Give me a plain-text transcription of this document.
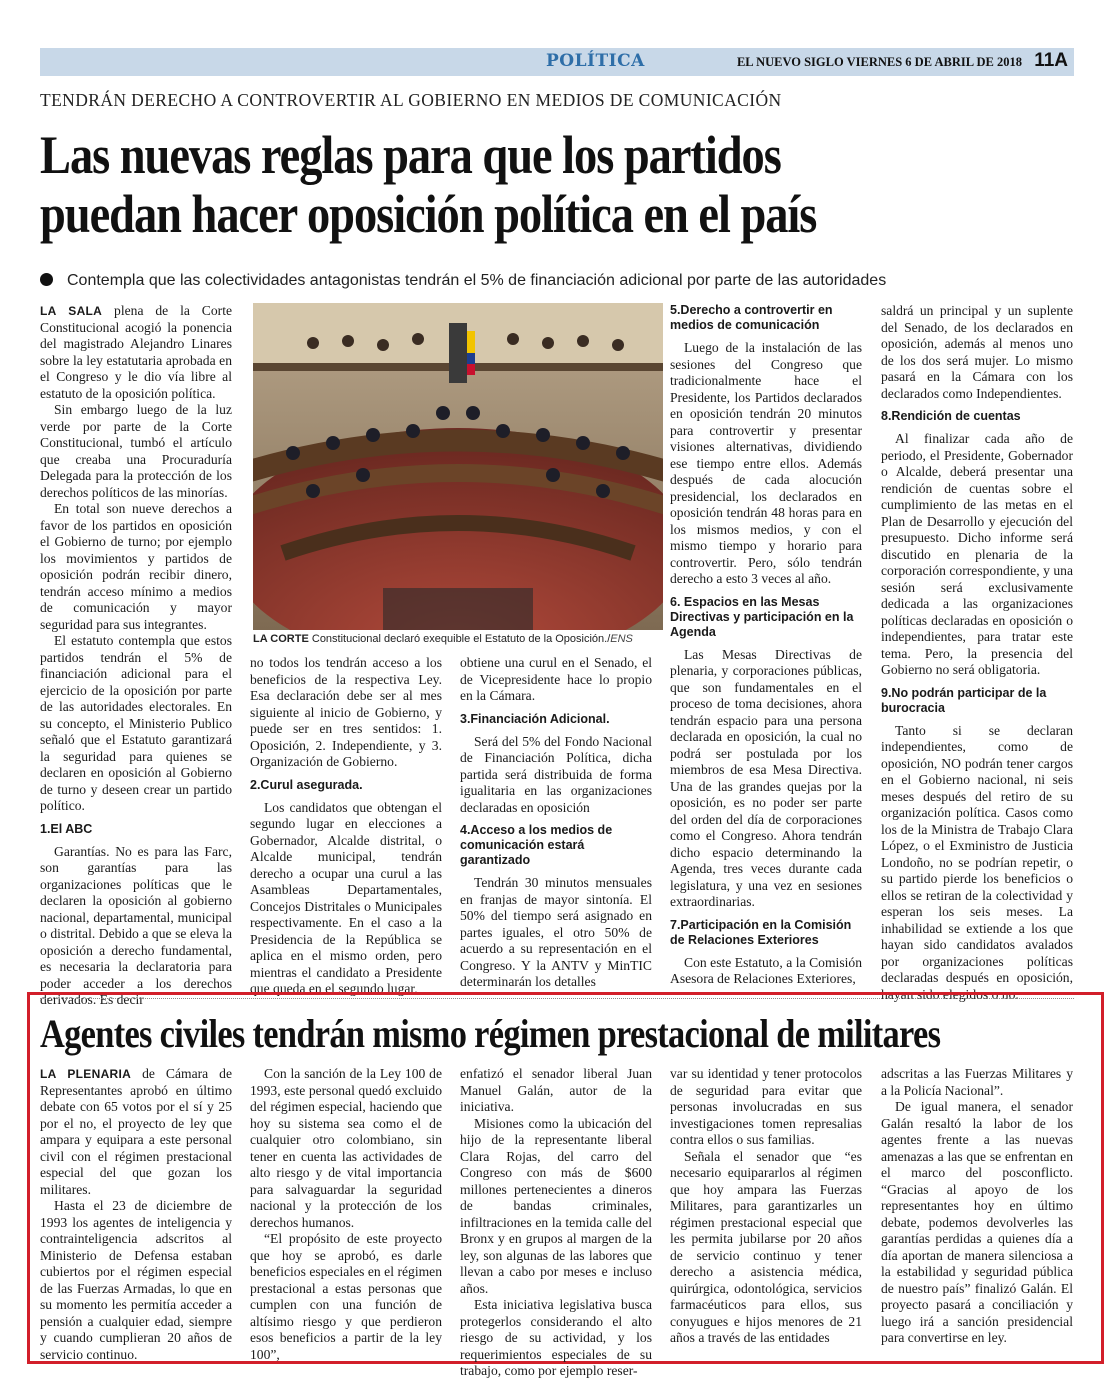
POLÍTICA	EL NUEVO SIGLO VIERNES 6 DE ABRIL DE 2018 11A
TENDRÁN DERECHO A CONTROVERTIR AL GOBIERNO EN MEDIOS DE COMUNICACIÓN
Las nuevas reglas para que los partidos
puedan hacer oposición política en el país
Contempla que las colectividades antagonistas tendrán el 5% de financiación adicional por parte de las autoridades

LA SALA plena de la Corte Constitucional acogió la ponencia del magistrado Alejandro Linares sobre la ley estatutaria aprobada en el Congreso y le dio vía libre al estatuto de la oposición política.

Sin embargo luego de la luz verde por parte de la Corte Constitucional, tumbó el artículo que creaba una Procuraduría Delegada para la protección de los derechos políticos de las minorías.

En total son nueve derechos a favor de los partidos en oposición el Gobierno de turno; por ejemplo los movimientos y partidos de oposición podrán recibir dinero, tendrán acceso mínimo a medios de comunicación y mayor seguridad para sus integrantes.

El estatuto contempla que estos partidos tendrán el 5% de financiación adicional para el ejercicio de la oposición por parte de las autoridades electorales. En su concepto, el Ministerio Publico señaló que el Estatuto garantizará la seguridad para quienes se declaren en oposición al Gobierno de turno y deseen crear un partido político.

1.El ABC

Garantías. No es para las Farc, son garantías para las organizaciones políticas que le declaren la oposición al gobierno nacional, departamental, municipal o distrital. Debido a que se eleva la oposición a derecho fundamental, es necesaria la declaratoria para poder acceder a los derechos derivados. Es decir

LA CORTE Constitucional declaró exequible el Estatuto de la Oposición./ENS

no todos los tendrán acceso a los beneficios de la respectiva Ley. Esa declaración debe ser al mes siguiente al inicio de Gobierno, y puede ser en tres sentidos: 1. Oposición, 2. Independiente, y 3. Organización de Gobierno.

2.Curul asegurada.

Los candidatos que obtengan el segundo lugar en elecciones a Gobernador, Alcalde distrital, o Alcalde municipal, tendrán derecho a ocupar una curul a las Asambleas Departamentales, Concejos Distritales o Municipales respectivamente. En el caso a la Presidencia de la República se aplica en el mismo orden, pero mientras el candidato a Presidente que queda en el segundo lugar,

obtiene una curul en el Senado, el de Vicepresidente hace lo propio en la Cámara.

3.Financiación Adicional.

Será del 5% del Fondo Nacional de Financiación Política, dicha partida será distribuida de forma igualitaria en las organizaciones declaradas en oposición

4.Acceso a los medios de comunicación estará garantizado

Tendrán 30 minutos mensuales en franjas de mayor sintonía. El 50% del tiempo será asignado en partes iguales, el otro 50% de acuerdo a su representación en el Congreso. Y la ANTV y MinTIC determinarán los detalles

5.Derecho a controvertir en medios de comunicación

Luego de la instalación de las sesiones del Congreso que tradicionalmente hace el Presidente, los Partidos declarados en oposición tendrán 20 minutos para controvertir y presentar visiones alternativas, dividiendo ese tiempo entre ellos. Además después de cada alocución presidencial, los declarados en oposición tendrán 48 horas para en los mismos medios, y con el mismo tiempo y horario para controvertir. Pero, sólo tendrán derecho a esto 3 veces al año.

6. Espacios en las Mesas Directivas y participación en la Agenda

Las Mesas Directivas de plenaria, y corporaciones públicas, que son fundamentales en el proceso de toma decisiones, ahora tendrán espacio para una persona declarada en oposición, la cual no podrá ser postulada por los miembros de esa Mesa Directiva. Una de las grandes quejas por la oposición, es no poder ser parte del orden del día de corporaciones como el Congreso. Ahora tendrán dicho espacio determinando la Agenda, tres veces durante cada legislatura, y una vez en sesiones extraordinarias.

7.Participación en la Comisión de Relaciones Exteriores

Con este Estatuto, a la Comisión Asesora de Relaciones Exteriores,

saldrá un principal y un suplente del Senado, de los declarados en oposición, además al menos uno de los dos será mujer. Lo mismo pasará en la Cámara con los declarados como Independientes.

8.Rendición de cuentas

Al finalizar cada año de periodo, el Presidente, Gobernador o Alcalde, deberá presentar una rendición de cuentas sobre el cumplimiento de las metas en el Plan de Desarrollo y ejecución del presupuesto. Dicho informe será discutido en plenaria de la corporación correspondiente, y una sesión será exclusivamente dedicada a las organizaciones políticas declaradas en oposición o independientes, para tratar este tema. Pero, la presencia del Gobierno no será obligatoria.

9.No podrán participar de la burocracia

Tanto si se declaran independientes, como de oposición, NO podrán tener cargos en el Gobierno nacional, ni seis meses después del retiro de su organización política. Casos como los de la Ministra de Trabajo Clara López, o el Exministro de Justicia Londoño, no se podrían repetir, o su partido pierde los beneficios o ellos se retiran de la colectividad y esperan los seis meses. La inhabilidad se extiende a los que hayan sido candidatos avalados por organizaciones políticas declaradas después en oposición, hayan sido elegidos o no.

Agentes civiles tendrán mismo régimen prestacional de militares

LA PLENARIA de Cámara de Representantes aprobó en último debate con 65 votos por el sí y 25 por el no, el proyecto de ley que ampara y equipara a este personal civil con el régimen prestacional especial del que gozan los militares.

Hasta el 23 de diciembre de 1993 los agentes de inteligencia y contrainteligencia adscritos al Ministerio de Defensa estaban cubiertos por el régimen especial de las Fuerzas Armadas, lo que en su momento les permitía acceder a pensión a cualquier edad, siempre y cuando cumplieran 20 años de servicio continuo.

Con la sanción de la Ley 100 de 1993, este personal quedó excluido del régimen especial, haciendo que hoy su sistema sea como el de cualquier otro colombiano, sin tener en cuenta las actividades de alto riesgo y de vital importancia para salvaguardar la seguridad nacional y la protección de los derechos humanos.

“El propósito de este proyecto que hoy se aprobó, es darle beneficios especiales en el régimen prestacional a estas personas que cumplen con una función de altísimo riesgo y que perdieron esos beneficios a partir de la ley 100”,

enfatizó el senador liberal Juan Manuel Galán, autor de la iniciativa.

Misiones como la ubicación del hijo de la representante liberal Clara Rojas, del carro del Congreso con más de $600 millones pertenecientes a dineros de bandas criminales, infiltraciones en la temida calle del Bronx y en grupos al margen de la ley, son algunas de las labores que llevan a cabo por meses e incluso años.

Esta iniciativa legislativa busca protegerlos considerando el alto riesgo de su actividad, y los requerimientos especiales de su trabajo, como por ejemplo reser-

var su identidad y tener protocolos de seguridad para evitar que personas involucradas en sus investigaciones tomen represalias contra ellos o sus familias.

Señala el senador que “es necesario equipararlos al régimen que hoy ampara las Fuerzas Militares, para garantizarles un régimen prestacional especial que les permita jubilarse por 20 años de servicio continuo y tener derecho a asistencia médica, quirúrgica, odontológica, servicios farmacéuticos para ellos, sus conyugues e hijos menores de 21 años a través de las entidades

adscritas a las Fuerzas Militares y a la Policía Nacional”.

De igual manera, el senador Galán resaltó la labor de los agentes frente a las nuevas amenazas a las que se enfrentan en el marco del posconflicto. “Gracias al apoyo de los representantes hoy en último debate, podemos devolverles las garantías perdidas a quienes día a día aportan de manera silenciosa a la estabilidad y seguridad pública de nuestro país” finalizó Galán. El proyecto pasará a conciliación y luego irá a sanción presidencial para convertirse en ley.
